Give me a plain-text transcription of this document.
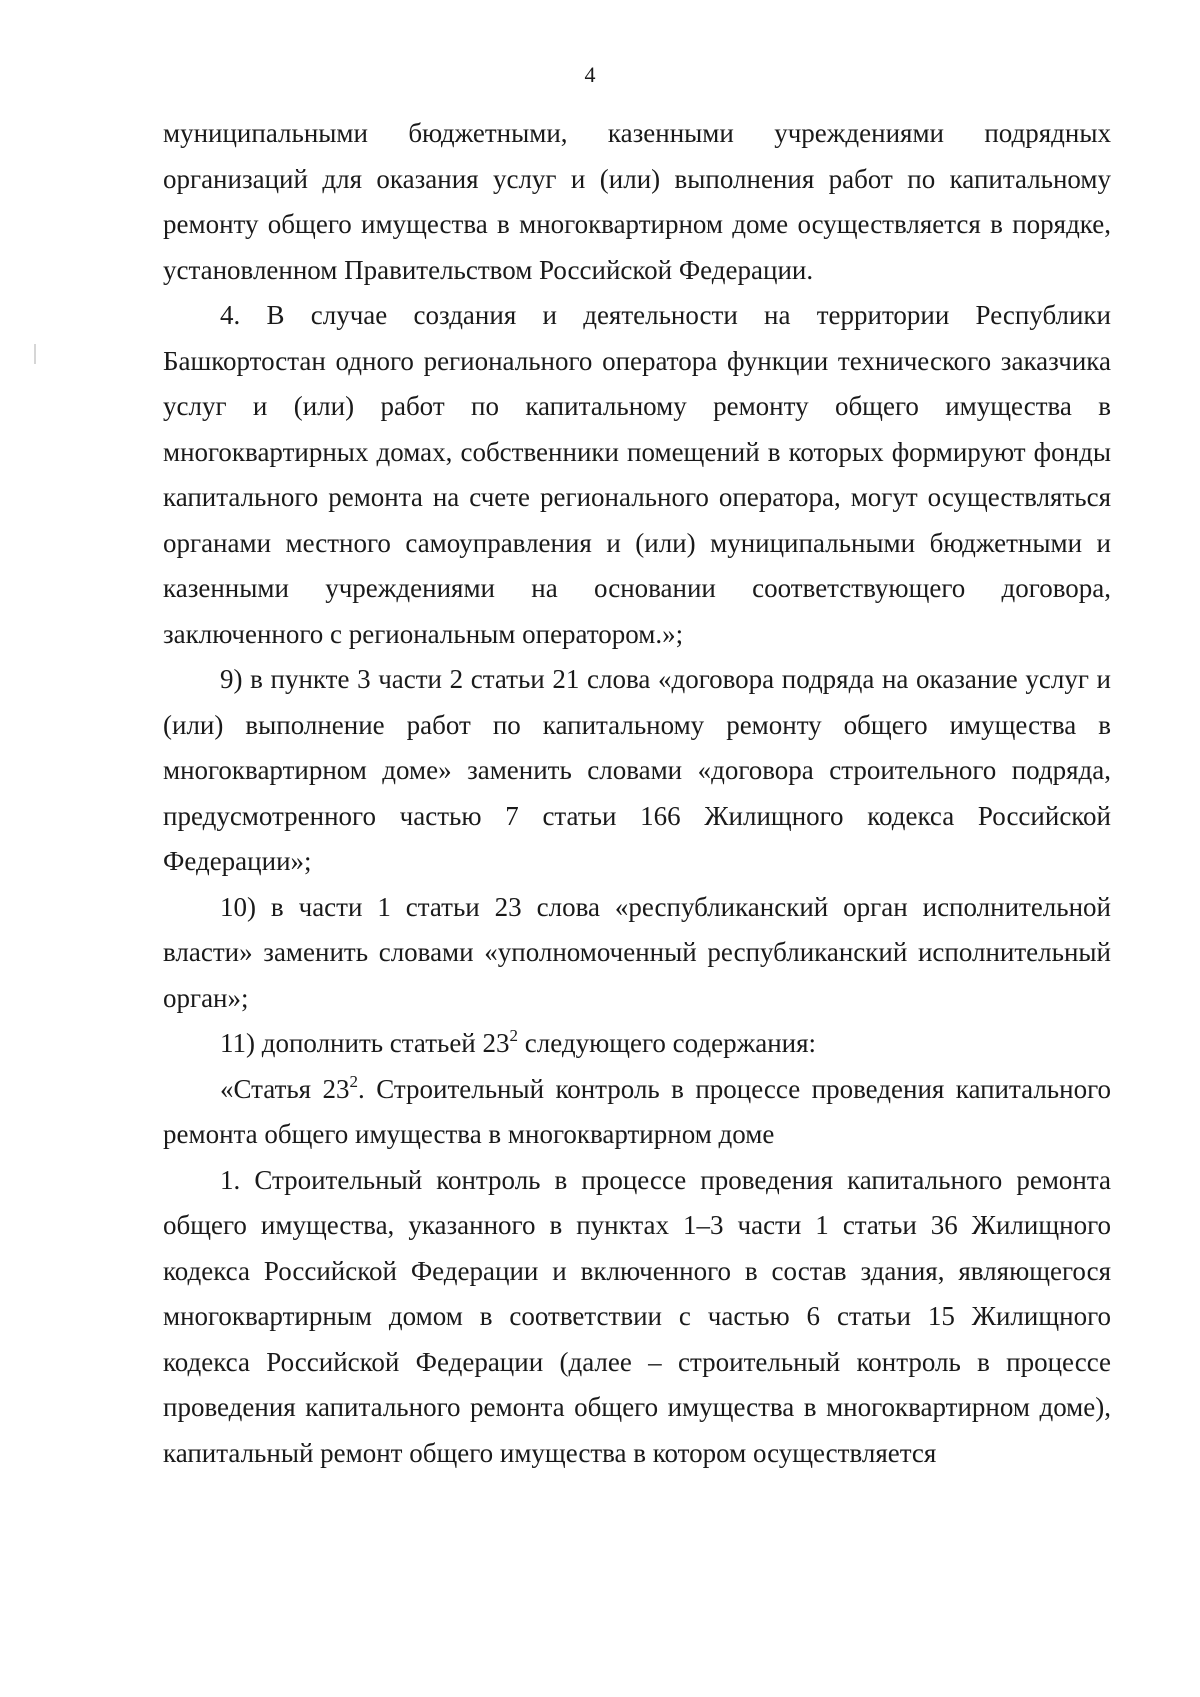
4

муниципальными бюджетными, казенными учреждениями подрядных организаций для оказания услуг и (или) выполнения работ по капитальному ремонту общего имущества в многоквартирном доме осуществляется в порядке, установленном Правительством Российской Федерации.

4. В случае создания и деятельности на территории Республики Башкортостан одного регионального оператора функции технического заказчика услуг и (или) работ по капитальному ремонту общего имущества в многоквартирных домах, собственники помещений в которых формируют фонды капитального ремонта на счете регионального оператора, могут осуществляться органами местного самоуправления и (или) муниципальными бюджетными и казенными учреждениями на основании соответствующего договора, заключенного с региональным оператором.»;

9) в пункте 3 части 2 статьи 21 слова «договора подряда на оказание услуг и (или) выполнение работ по капитальному ремонту общего имущества в многоквартирном доме» заменить словами «договора строительного подряда, предусмотренного частью 7 статьи 166 Жилищного кодекса Российской Федерации»;

10) в части 1 статьи 23 слова «республиканский орган исполнительной власти» заменить словами «уполномоченный республиканский исполнительный орган»;

11) дополнить статьей $23^2$ следующего содержания:

«Статья $23^2$. Строительный контроль в процессе проведения капитального ремонта общего имущества в многоквартирном доме

1. Строительный контроль в процессе проведения капитального ремонта общего имущества, указанного в пунктах 1–3 части 1 статьи 36 Жилищного кодекса Российской Федерации и включенного в состав здания, являющегося многоквартирным домом в соответствии с частью 6 статьи 15 Жилищного кодекса Российской Федерации (далее – строительный контроль в процессе проведения капитального ремонта общего имущества в многоквартирном доме), капитальный ремонт общего имущества в котором осуществляется
